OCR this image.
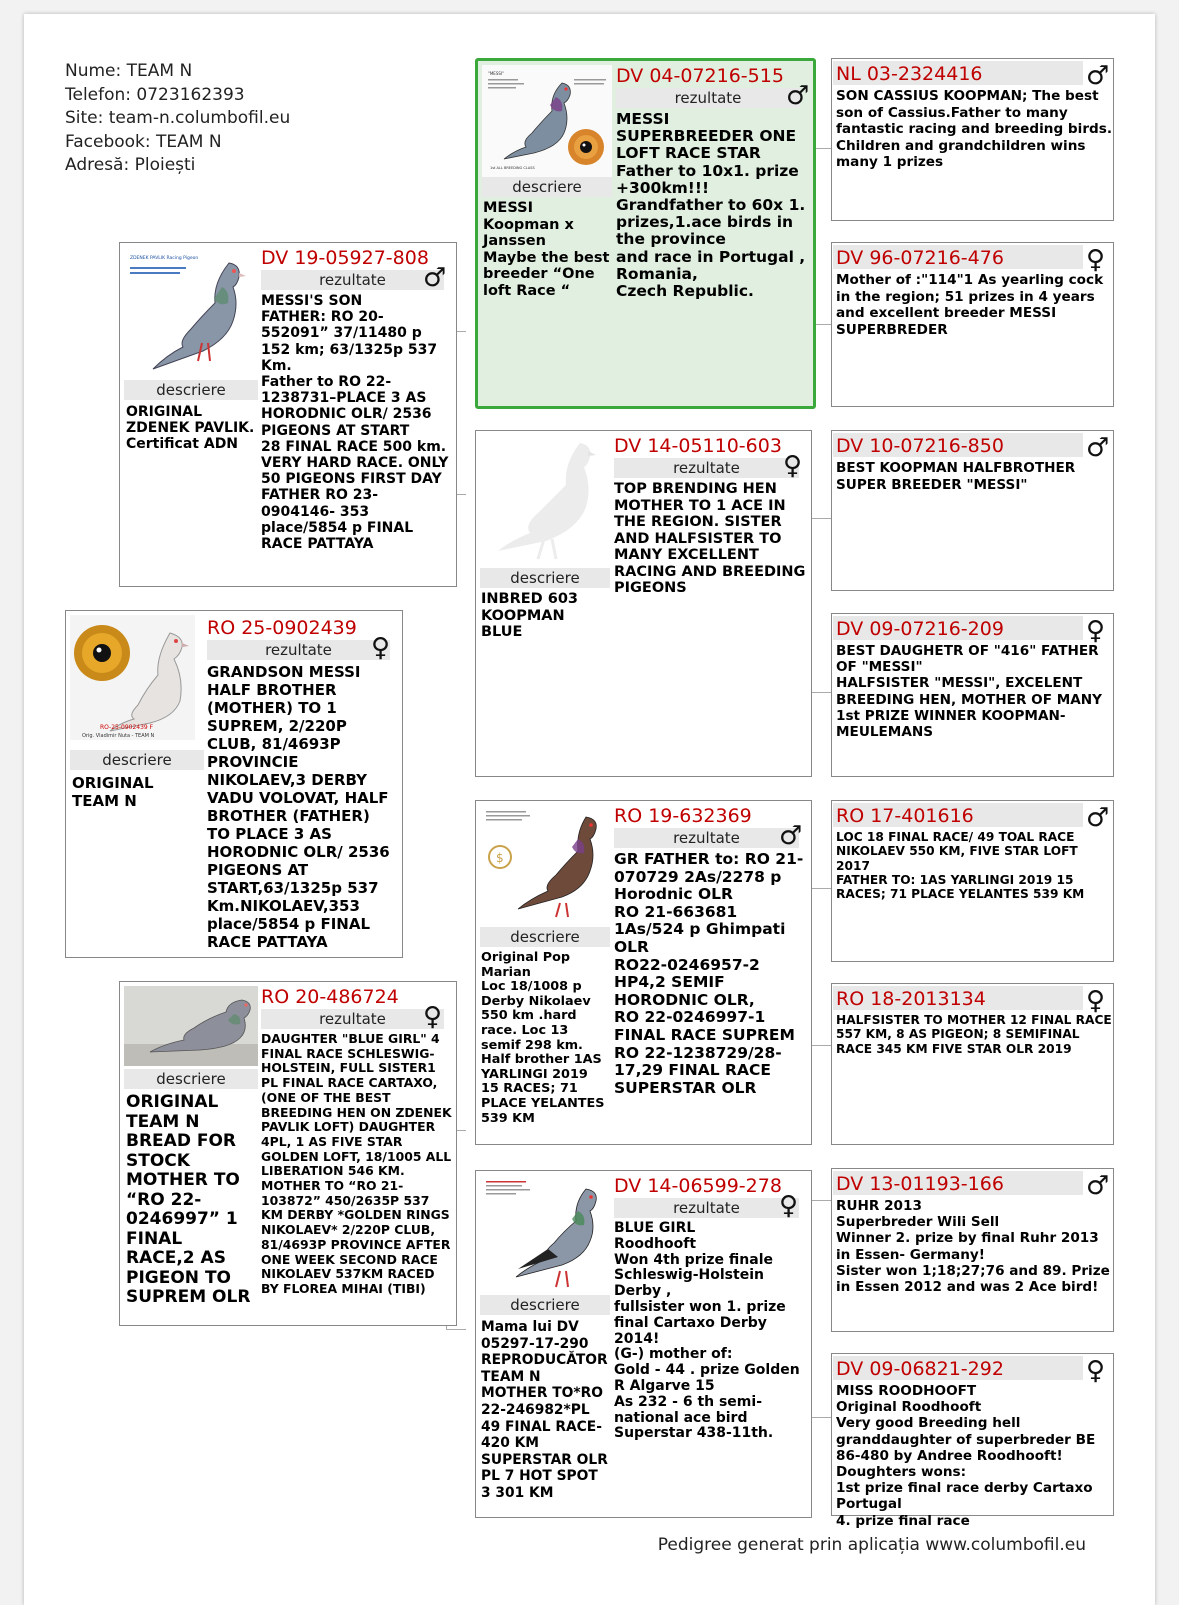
Nume: TEAM N
Telefon: 0723162393
Site: team-n.columbofil.eu
Facebook: TEAM N
Adresă: Ploiești
RO-25-0902439 F
Orig. Vladimir Nuta - TEAM N
descriere
ORIGINAL
TEAM N
RO 25-0902439
rezultate	♀
GRANDSON MESSI HALF BROTHER (MOTHER) TO 1 SUPREM, 2/220P CLUB, 81/4693P PROVINCIE NIKOLAEV,3 DERBY VADU VOLOVAT, HALF BROTHER (FATHER) TO PLACE 3 AS HORODNIC OLR/ 2536 PIGEONS AT START,63/1325p 537 Km.NIKOLAEV,353 place/5854 p FINAL RACE PATTAYA
ZDENEK PAVLIK Racing Pigeon
descriere
ORIGINAL ZDENEK PAVLIK. Certificat ADN
DV 19-05927-808
rezultate	♂
MESSI'S SON
FATHER: RO 20-552091” 37/11480 p 152 km; 63/1325p 537 Km.
Father to RO 22-1238731–PLACE 3 AS HORODNIC OLR/ 2536 PIGEONS AT START
28 FINAL RACE 500 km. VERY HARD RACE. ONLY 50 PIGEONS FIRST DAY
FATHER RO 23-0904146- 353 place/5854 p FINAL RACE PATTAYA
descriere
ORIGINAL TEAM N BREAD FOR STOCK MOTHER TO “RO 22-0246997” 1 FINAL RACE,2 AS PIGEON TO SUPREM OLR
RO 20-486724
rezultate	♀
DAUGHTER "BLUE GIRL" 4 FINAL RACE SCHLESWIG-HOLSTEIN, FULL SISTER1 PL FINAL RACE CARTAXO, (ONE OF THE BEST BREEDING HEN ON ZDENEK PAVLIK LOFT) DAUGHTER 4PL, 1 AS FIVE STAR GOLDEN LOFT, 18/1005 ALL LIBERATION 546 KM. MOTHER TO “RO 21-103872” 450/2635P 537 KM DERBY *GOLDEN RINGS NIKOLAEV* 2/220P CLUB, 81/4693P PROVINCE AFTER ONE WEEK SECOND RACE NIKOLAEV 537KM RACED BY FLOREA MIHAI (TIBI)
"MESSI"
1st ALL BREEDING CLASS
descriere
MESSI
Koopman x Janssen
Maybe the best breeder “One loft Race “
DV 04-07216-515
rezultate	♂
MESSI SUPERBREEDER ONE LOFT RACE STAR
Father to 10x1. prize +300km!!!
Grandfather to 60x 1.
prizes,1.ace birds in the province
and race in Portugal , Romania,
Czech Republic.
descriere
INBRED 603 KOOPMAN BLUE
DV 14-05110-603
rezultate	♀
TOP BRENDING HEN MOTHER TO 1 ACE IN THE REGION. SISTER AND HALFSISTER TO MANY EXCELLENT RACING AND BREEDING PIGEONS
$
descriere
Original Pop Marian
Loc 18/1008 p Derby Nikolaev 550 km .hard race. Loc 13 semif 298 km. Half brother 1AS YARLINGI 2019 15 RACES; 71 PLACE YELANTES 539 KM
RO 19-632369
rezultate	♂
GR FATHER to: RO 21-070729 2As/2278 p Horodnic OLR
RO 21-663681 1As/524 p Ghimpati OLR
RO22-0246957-2 HP4,2 SEMIF HORODNIC OLR,
RO 22-0246997-1 FINAL RACE SUPREM
RO 22-1238729/28-17,29 FINAL RACE SUPERSTAR OLR
descriere
Mama lui DV 05297-17-290 REPRODUCĂTOR TEAM N MOTHER TO*RO 22-246982*PL 49 FINAL RACE-420 KM SUPERSTAR OLR
PL 7 HOT SPOT 3 301 KM
DV 14-06599-278
rezultate	♀
BLUE GIRL
Roodhooft
Won 4th prize finale Schleswig-Holstein Derby ,
fullsister won 1. prize final Cartaxo Derby 2014!
(G-) mother of:
Gold - 44 . prize Golden R Algarve 15
As 232 - 6 th semi-national ace bird Superstar 438-11th.
NL 03-2324416	♂
SON CASSIUS KOOPMAN; The best son of Cassius.Father to many fantastic racing and breeding birds. Children and grandchildren wins many 1 prizes
DV 96-07216-476	♀
Mother of :"114"1 As yearling cock in the region; 51 prizes in 4 years and excellent breeder MESSI SUPERBREDER
DV 10-07216-850	♂
BEST KOOPMAN HALFBROTHER SUPER BREEDER "MESSI"
DV 09-07216-209	♀
BEST DAUGHETR OF "416" FATHER OF "MESSI"
HALFSISTER "MESSI", EXCELENT BREEDING HEN, MOTHER OF MANY 1st PRIZE WINNER KOOPMAN-MEULEMANS
RO 17-401616	♂
LOC 18 FINAL RACE/ 49 TOAL RACE NIKOLAEV 550 KM, FIVE STAR LOFT 2017
FATHER TO: 1AS YARLINGI 2019 15 RACES; 71 PLACE YELANTES 539 KM
RO 18-2013134	♀
HALFSISTER TO MOTHER 12 FINAL RACE 557 KM, 8 AS PIGEON; 8 SEMIFINAL RACE 345 KM FIVE STAR OLR 2019
DV 13-01193-166	♂
RUHR 2013
Superbreder Wili Sell
Winner 2. prize by final Ruhr 2013 in Essen- Germany!
Sister won 1;18;27;76 and 89. Prize in Essen 2012 and was 2 Ace bird!
DV 09-06821-292	♀
MISS ROODHOOFT
Original Roodhooft
Very good Breeding hell granddaughter of superbreder BE 86-480 by Andree Roodhooft!
Doughters wons:
1st prize final race derby Cartaxo Portugal
4. prize final race
Pedigree generat prin aplicația www.columbofil.eu
